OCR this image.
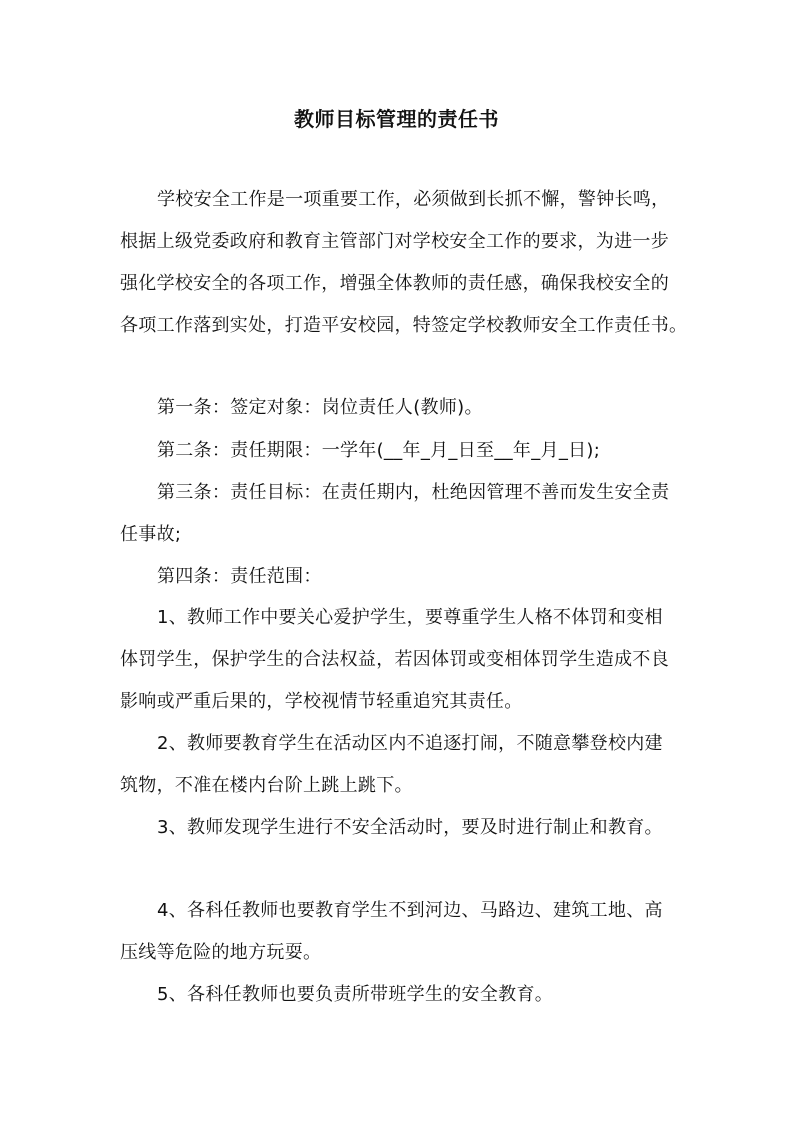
教师目标管理的责任书
学校安全工作是一项重要工作，必须做到长抓不懈，警钟长鸣，
根据上级党委政府和教育主管部门对学校安全工作的要求，为进一步
强化学校安全的各项工作，增强全体教师的责任感，确保我校安全的
各项工作落到实处，打造平安校园，特签定学校教师安全工作责任书。
第一条：签定对象：岗位责任人(教师)。
第二条：责任期限：一学年(__年_月_日至__年_月_日);
第三条：责任目标：在责任期内，杜绝因管理不善而发生安全责
任事故;
第四条：责任范围：
1、教师工作中要关心爱护学生，要尊重学生人格不体罚和变相
体罚学生，保护学生的合法权益，若因体罚或变相体罚学生造成不良
影响或严重后果的，学校视情节轻重追究其责任。
2、教师要教育学生在活动区内不追逐打闹，不随意攀登校内建
筑物，不准在楼内台阶上跳上跳下。
3、教师发现学生进行不安全活动时，要及时进行制止和教育。
4、各科任教师也要教育学生不到河边、马路边、建筑工地、高
压线等危险的地方玩耍。
5、各科任教师也要负责所带班学生的安全教育。
